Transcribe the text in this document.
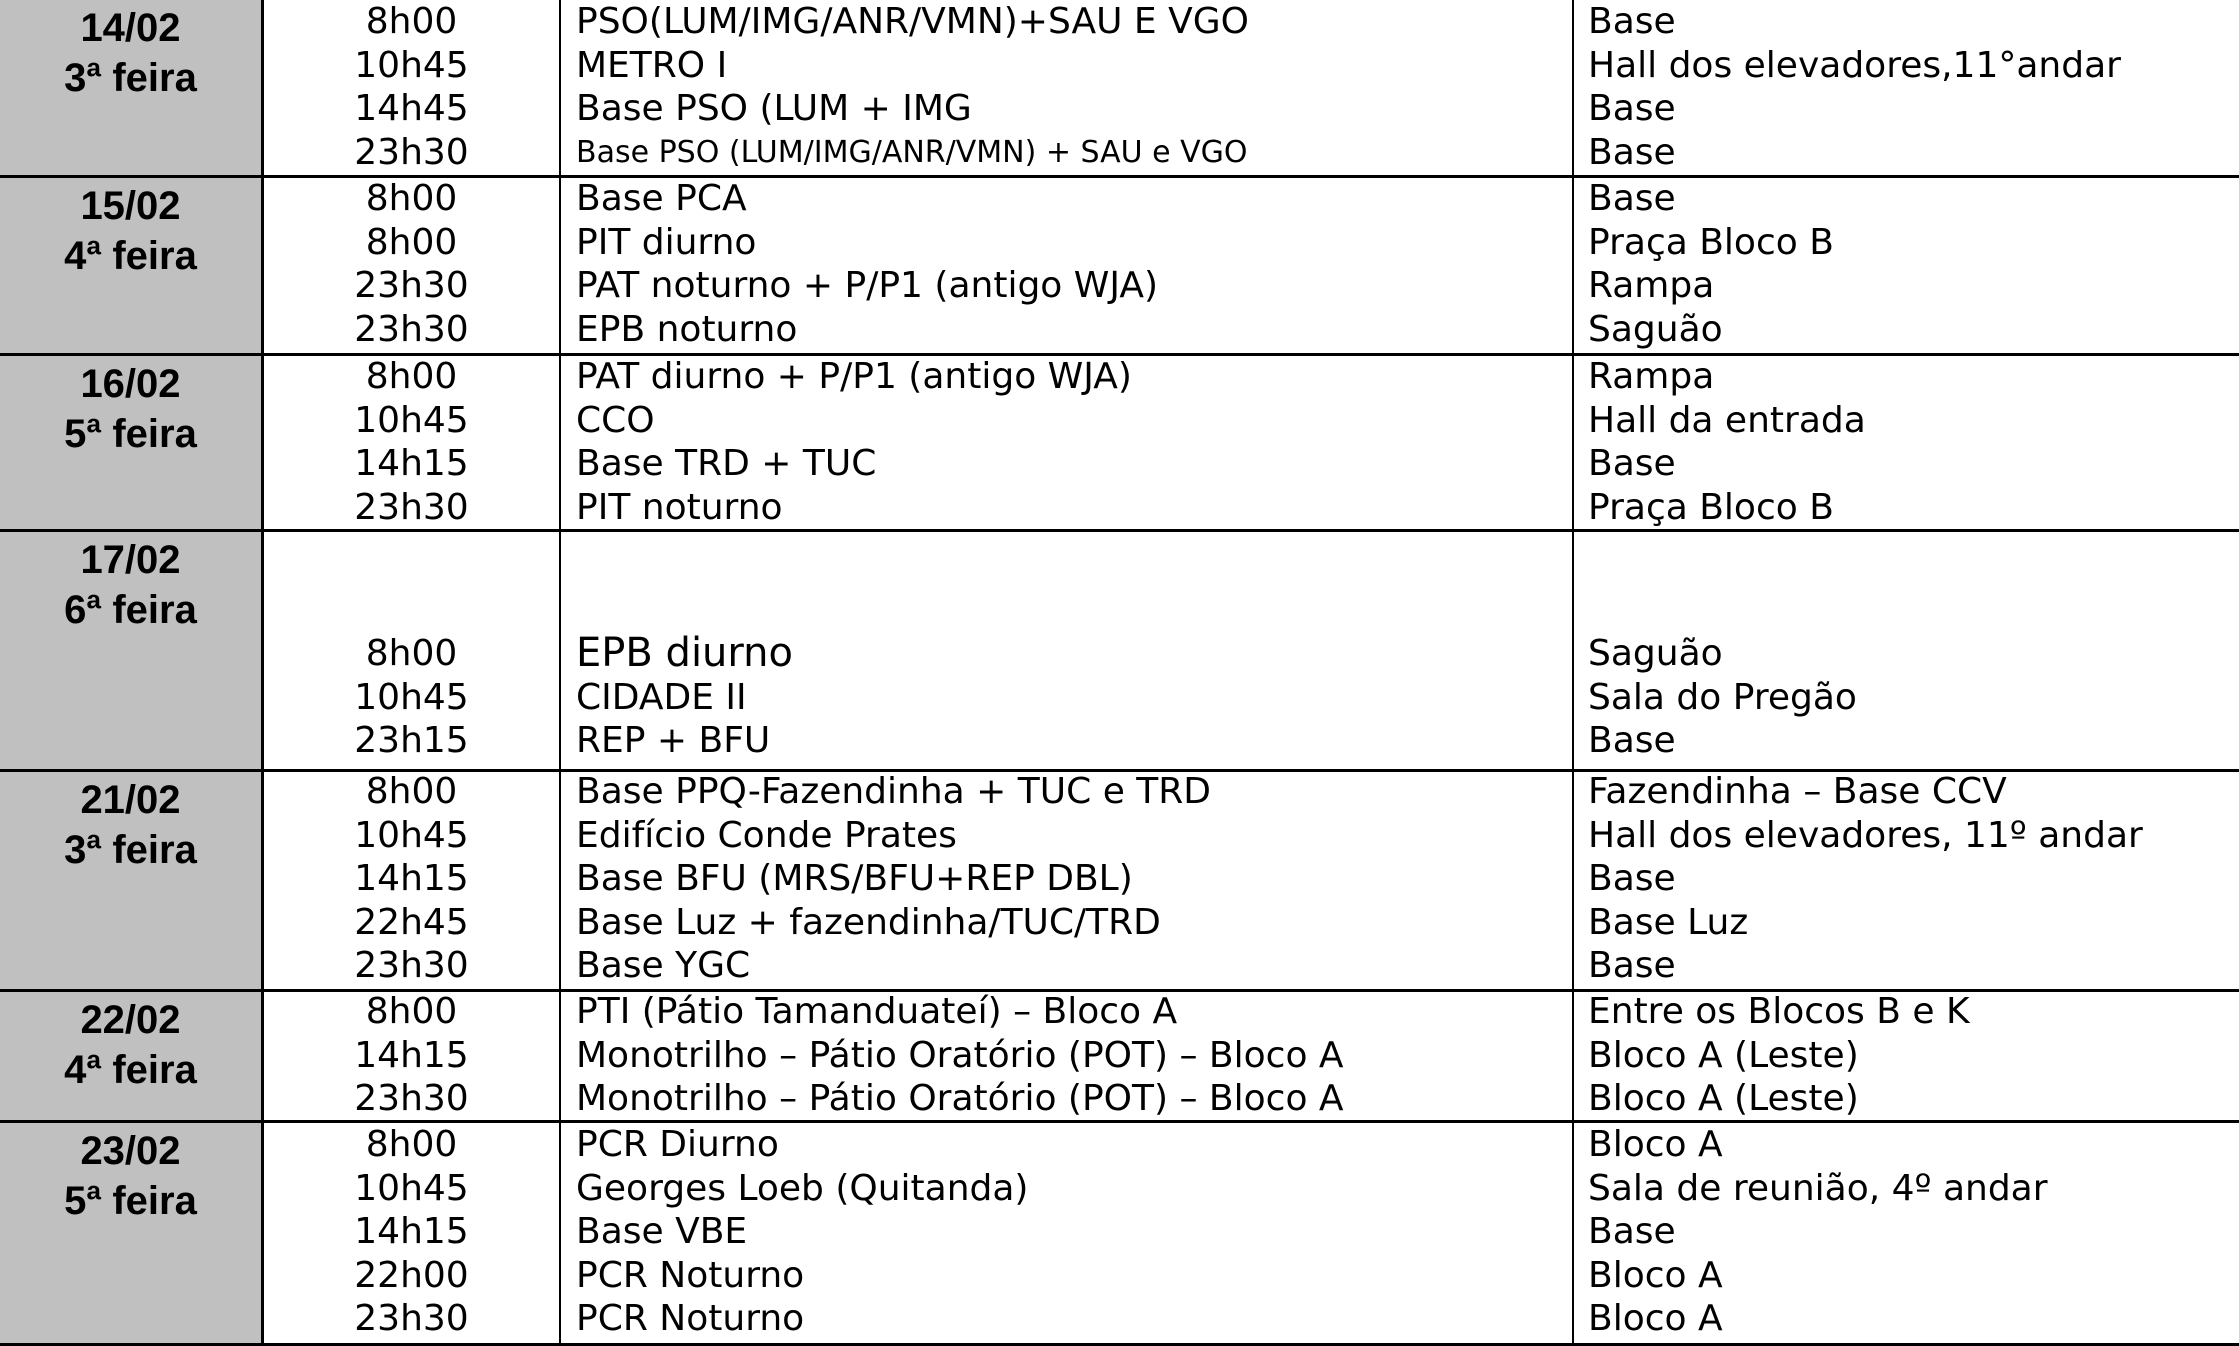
14/02
3ª feira
8h00	PSO(LUM/IMG/ANR/VMN)+SAU E VGO	Base
10h45	METRO I	Hall dos elevadores,11°andar
14h45	Base PSO (LUM + IMG	Base
23h30	Base PSO (LUM/IMG/ANR/VMN) + SAU e VGO	Base
15/02
4ª feira
8h00	Base PCA	Base
8h00	PIT diurno	Praça Bloco B
23h30	PAT noturno + P/P1 (antigo WJA)	Rampa
23h30	EPB noturno	Saguão
16/02
5ª feira
8h00	PAT diurno + P/P1 (antigo WJA)	Rampa
10h45	CCO	Hall da entrada
14h15	Base TRD + TUC	Base
23h30	PIT noturno	Praça Bloco B
17/02
6ª feira
8h00	EPB diurno	Saguão
10h45	CIDADE II	Sala do Pregão
23h15	REP + BFU	Base
21/02
3ª feira
8h00	Base PPQ-Fazendinha + TUC e TRD	Fazendinha – Base CCV
10h45	Edifício Conde Prates	Hall dos elevadores, 11º andar
14h15	Base BFU (MRS/BFU+REP DBL)	Base
22h45	Base Luz + fazendinha/TUC/TRD	Base Luz
23h30	Base YGC	Base
22/02
4ª feira
8h00	PTI (Pátio Tamanduateí) – Bloco A	Entre os Blocos B e K
14h15	Monotrilho – Pátio Oratório (POT) – Bloco A	Bloco A (Leste)
23h30	Monotrilho – Pátio Oratório (POT) – Bloco A	Bloco A (Leste)
23/02
5ª feira
8h00	PCR Diurno	Bloco A
10h45	Georges Loeb (Quitanda)	Sala de reunião, 4º andar
14h15	Base VBE	Base
22h00	PCR Noturno	Bloco A
23h30	PCR Noturno	Bloco A
